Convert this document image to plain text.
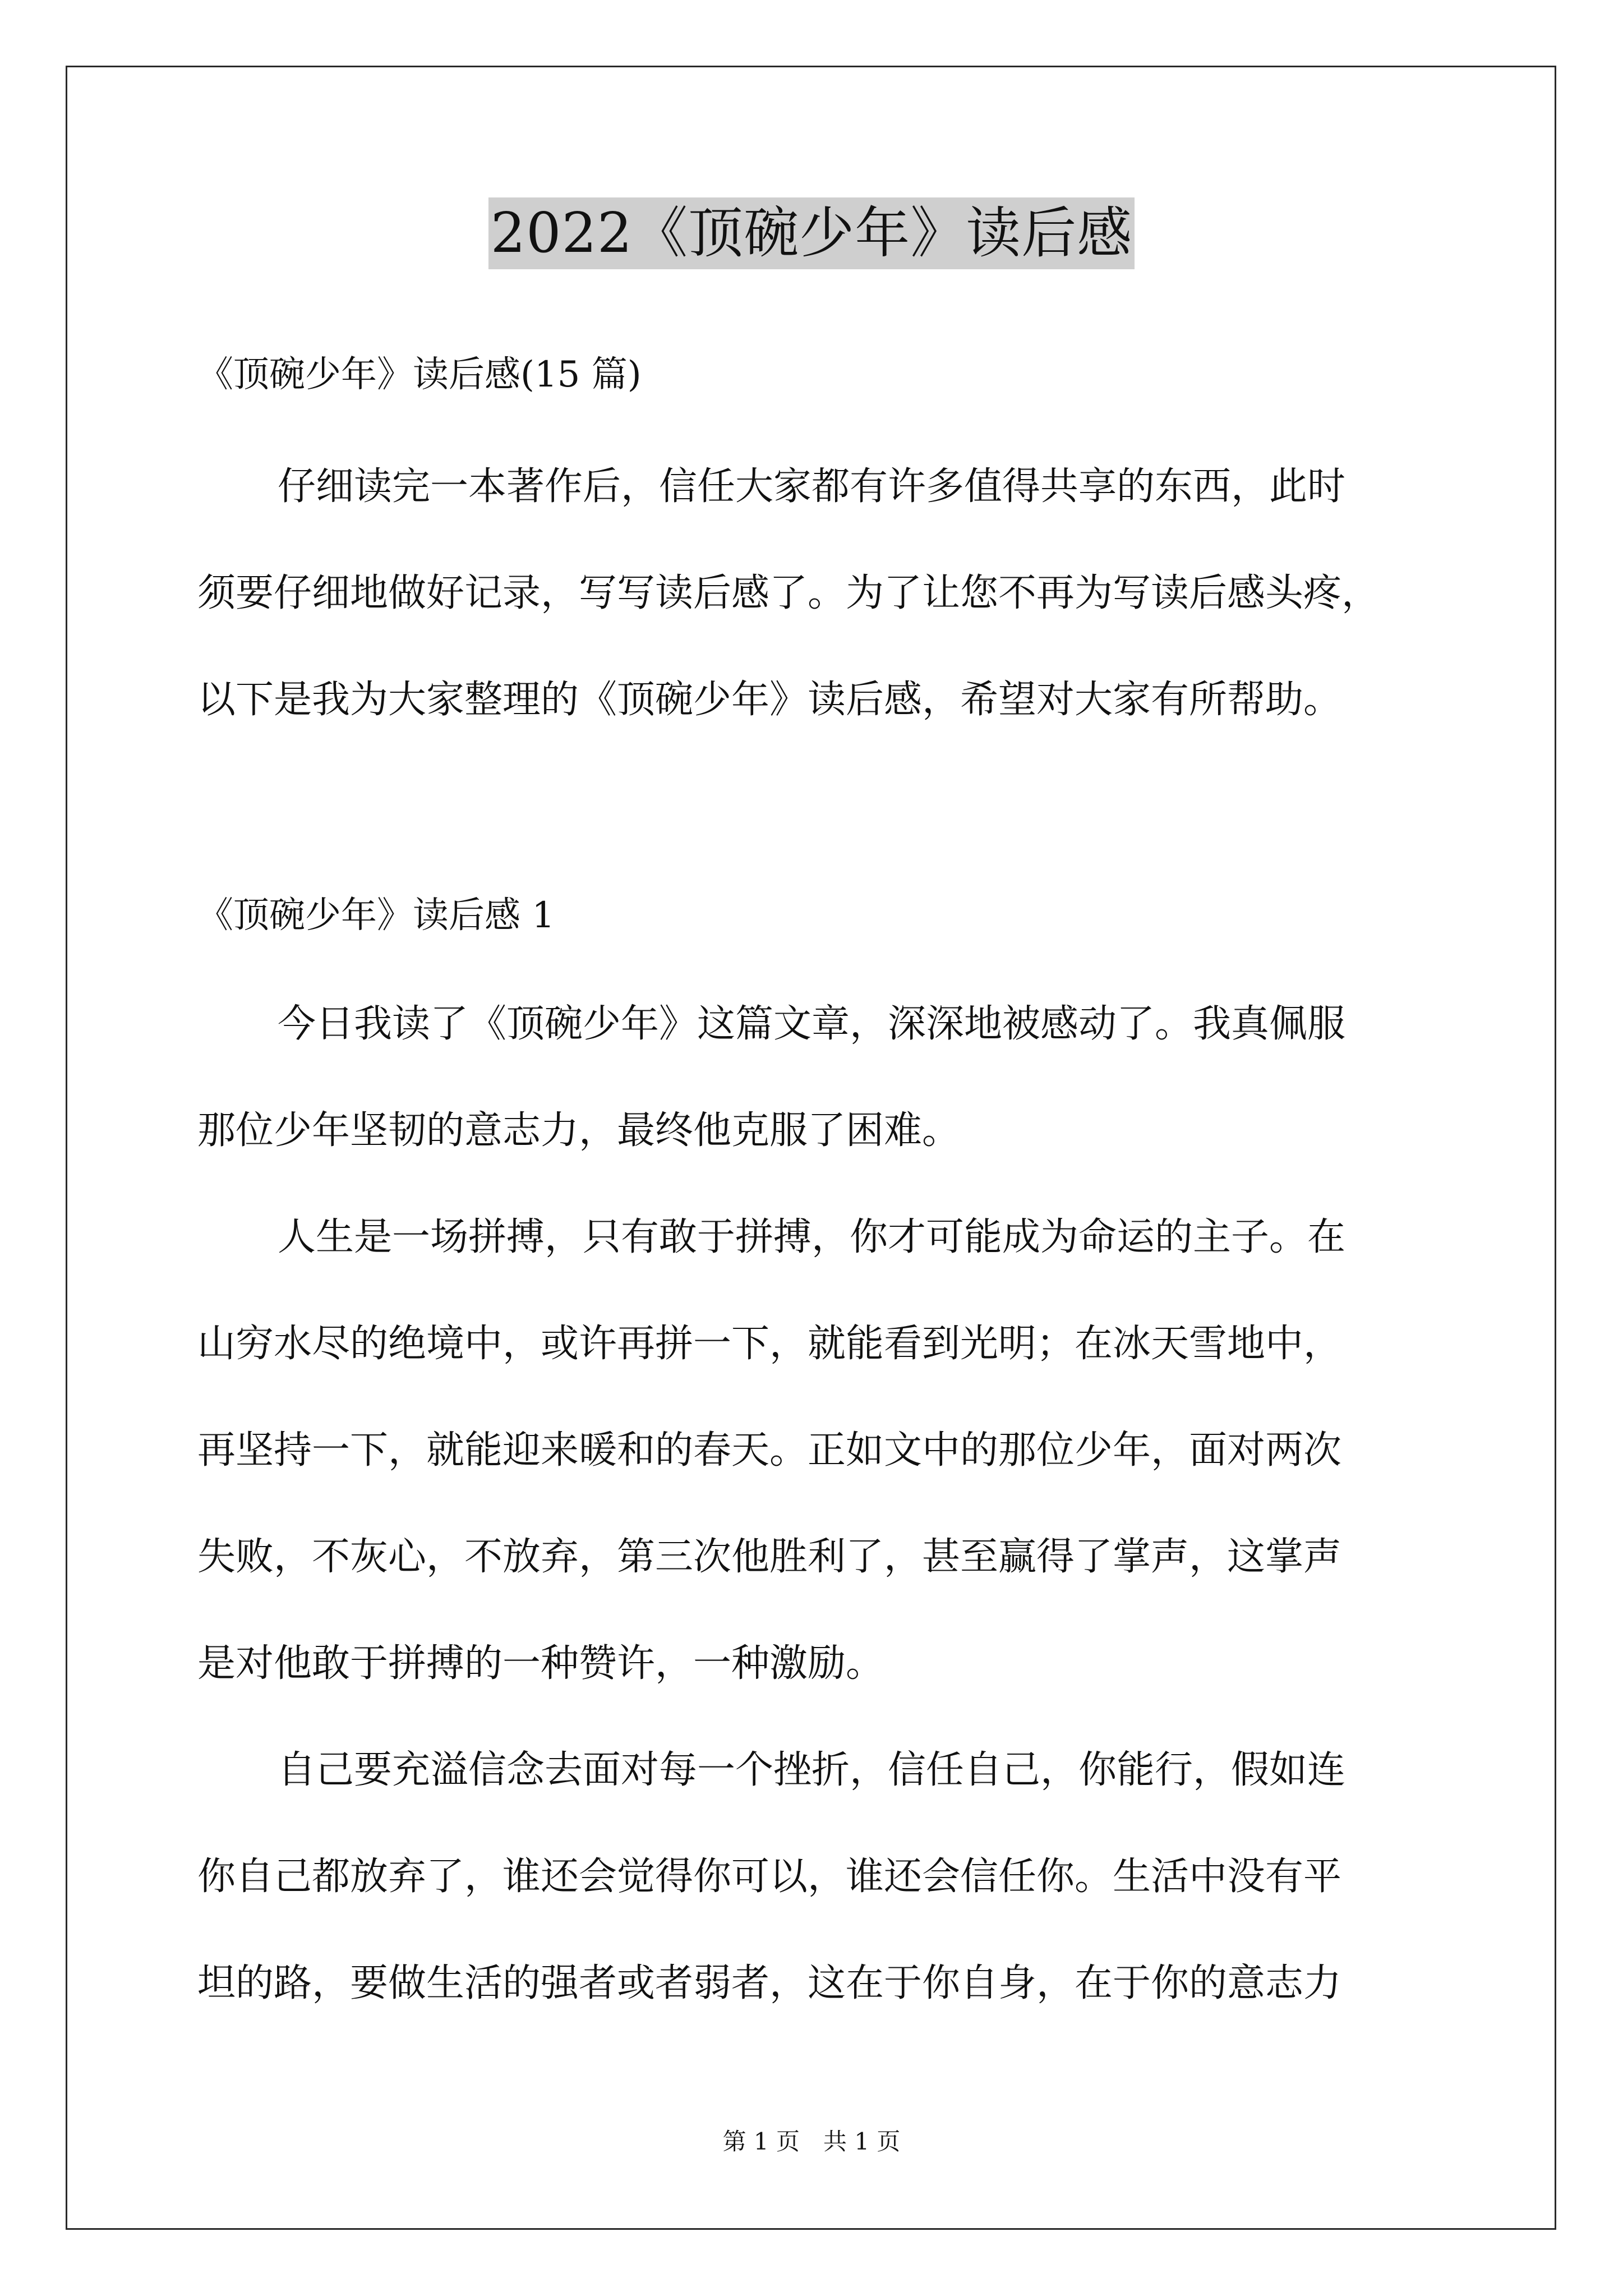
2022《顶碗少年》读后感
《顶碗少年》读后感(15 篇)
仔细读完一本著作后，信任大家都有许多值得共享的东西，此时
须要仔细地做好记录，写写读后感了。为了让您不再为写读后感头疼，
以下是我为大家整理的《顶碗少年》读后感，希望对大家有所帮助。
《顶碗少年》读后感 1
今日我读了《顶碗少年》这篇文章，深深地被感动了。我真佩服
那位少年坚韧的意志力，最终他克服了困难。
人生是一场拼搏，只有敢于拼搏，你才可能成为命运的主子。在
山穷水尽的绝境中，或许再拼一下，就能看到光明；在冰天雪地中，
再坚持一下，就能迎来暖和的春天。正如文中的那位少年，面对两次
失败，不灰心，不放弃，第三次他胜利了，甚至赢得了掌声，这掌声
是对他敢于拼搏的一种赞许，一种激励。
自己要充溢信念去面对每一个挫折，信任自己，你能行，假如连
你自己都放弃了，谁还会觉得你可以，谁还会信任你。生活中没有平
坦的路，要做生活的强者或者弱者，这在于你自身，在于你的意志力
第 1 页　共 1 页
